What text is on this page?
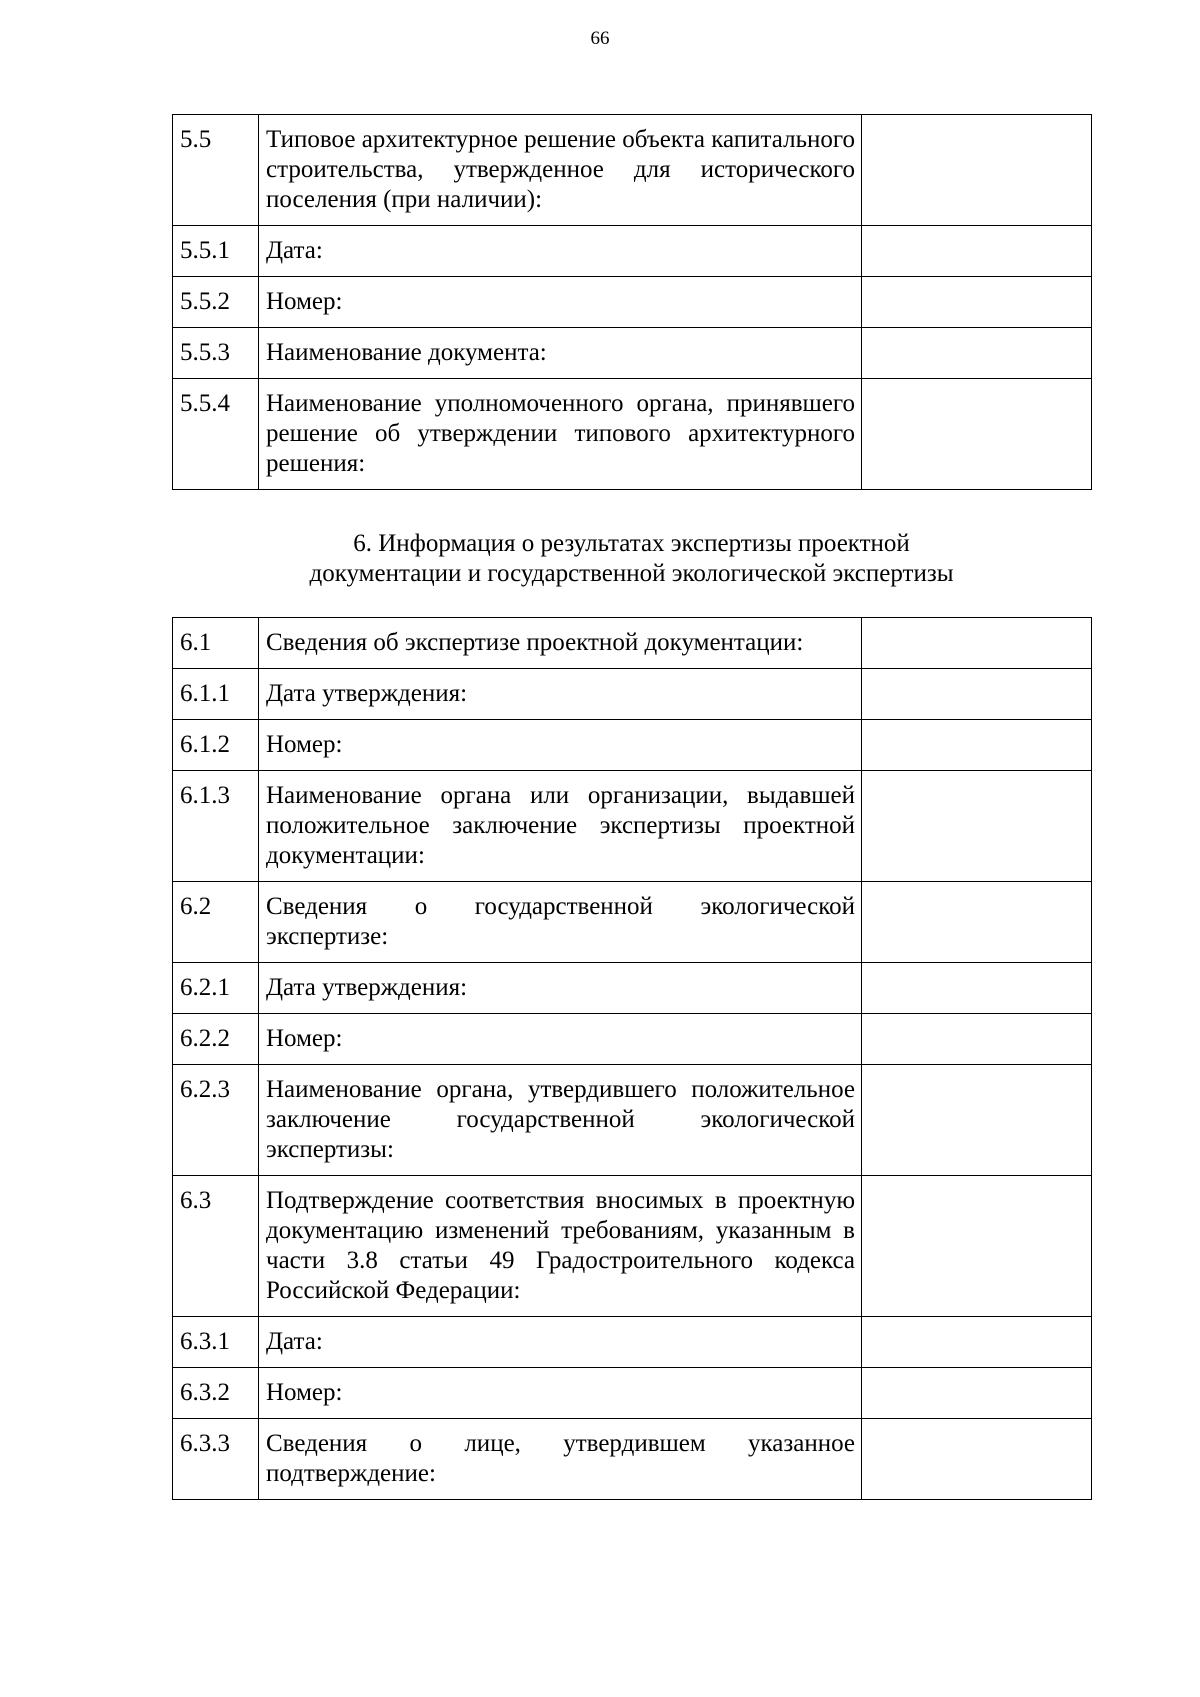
66
5.5	Типовое архитектурное решение объекта капитального строительства, утвержденное для исторического поселения (при наличии):	
5.5.1	Дата:	
5.5.2	Номер:	
5.5.3	Наименование документа:	
5.5.4	Наименование уполномоченного органа, принявшего решение об утверждении типового архитектурного решения:	
6. Информация о результатах экспертизы проектной
документации и государственной экологической экспертизы
6.1	Сведения об экспертизе проектной документации:	
6.1.1	Дата утверждения:	
6.1.2	Номер:	
6.1.3	Наименование органа или организации, выдавшей положительное заключение экспертизы проектной документации:	
6.2	Сведения о государственной экологической экспертизе:	
6.2.1	Дата утверждения:	
6.2.2	Номер:	
6.2.3	Наименование органа, утвердившего положительное заключение государственной экологической экспертизы:	
6.3	Подтверждение соответствия вносимых в проектную документацию изменений требованиям, указанным в части 3.8 статьи 49 Градостроительного кодекса Российской Федерации:	
6.3.1	Дата:	
6.3.2	Номер:	
6.3.3	Сведения о лице, утвердившем указанное подтверждение:	
